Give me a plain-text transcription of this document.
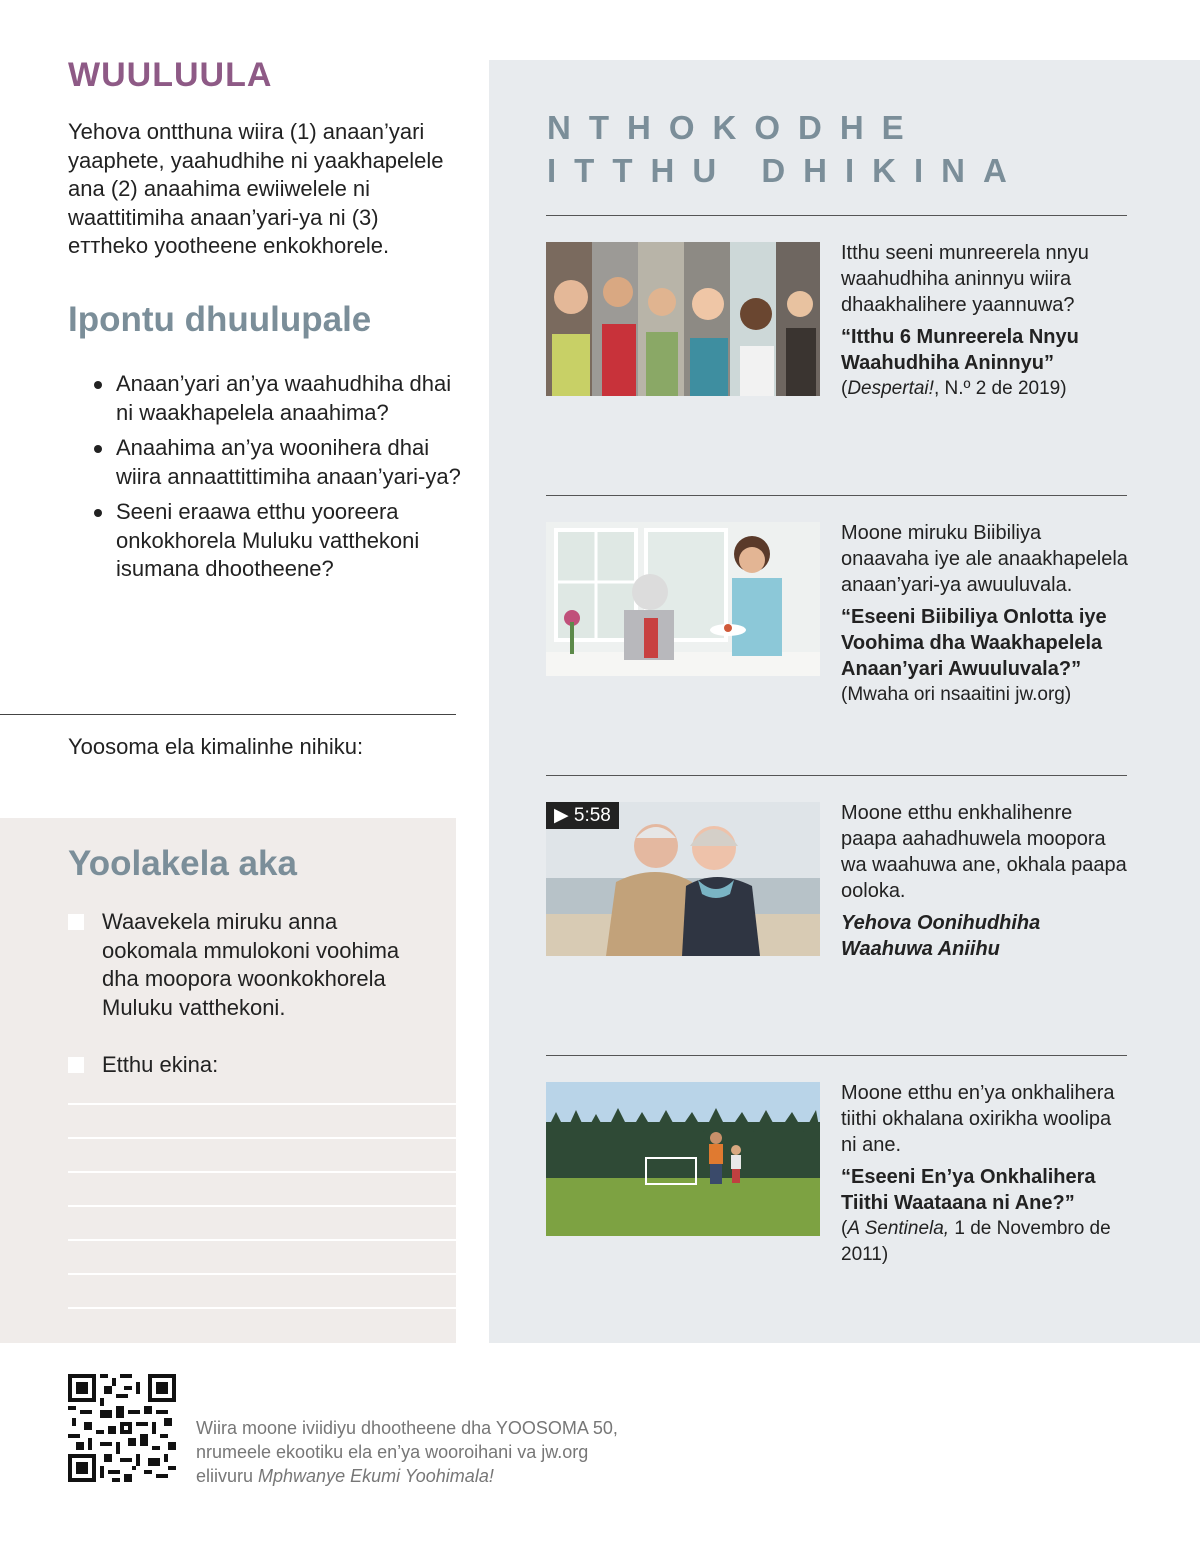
WUULUULA
Yehova ontthuna wiira (1) anaan’yari yaaphete, yaahudhihe ni yaakhapelele ana (2) anaahima ewiiwelele ni waattitimiha anaan’yari-ya ni (3) eттheko yootheene enkokhorele.
Ipontu dhuulupale
Anaan’yari an’ya waahudhiha dhai ni waakhapelela anaahima?
Anaahima an’ya woonihera dhai wiira annaattittimiha anaan’yari-ya?
Seeni eraawa etthu yooreera onkokhorela Muluku vatthekoni isumana dhootheene?
Yoosoma ela kimalinhe nihiku:
Yoolakela aka
Waavekela miruku anna ookomala mmulokoni voohima dha moopora woonkokhorela Muluku vatthekoni.
Etthu ekina:
NTHOKODHE
ITTHU DHIKINA
Itthu seeni munreerela nnyu waahudhiha aninnyu wiira dhaakhalihere yaannuwa?
“Itthu 6 Munreerela Nnyu Waahudhiha Aninnyu”
(Despertai!, N.º 2 de 2019)
Moone miruku Biibiliya onaavaha iye ale anaakhapelela anaan’yari-ya awuuluvala.
“Eseeni Biibiliya Onlotta iye Voohima dha Waakhapelela Anaan’yari Awuuluvala?”
(Mwaha ori nsaaitini jw.org)
▶ 5:58	Moone etthu enkhalihenre paapa aahadhuwela moopora wa waahuwa ane, okhala paapa ooloka.
Yehova Oonihudhiha Waahuwa Aniihu
Moone etthu en’ya onkhalihera tiithi okhalana oxirikha woolipa ni ane.
“Eseeni En’ya Onkhalihera Tiithi Waataana ni Ane?”
(A Sentinela, 1 de Novembro de 2011)
Wiira moone iviidiyu dhootheene dha YOOSOMA 50,
nrumeele ekootiku ela en’ya wooroihani va jw.org
eliivuru Mphwanye Ekumi Yoohimala!
